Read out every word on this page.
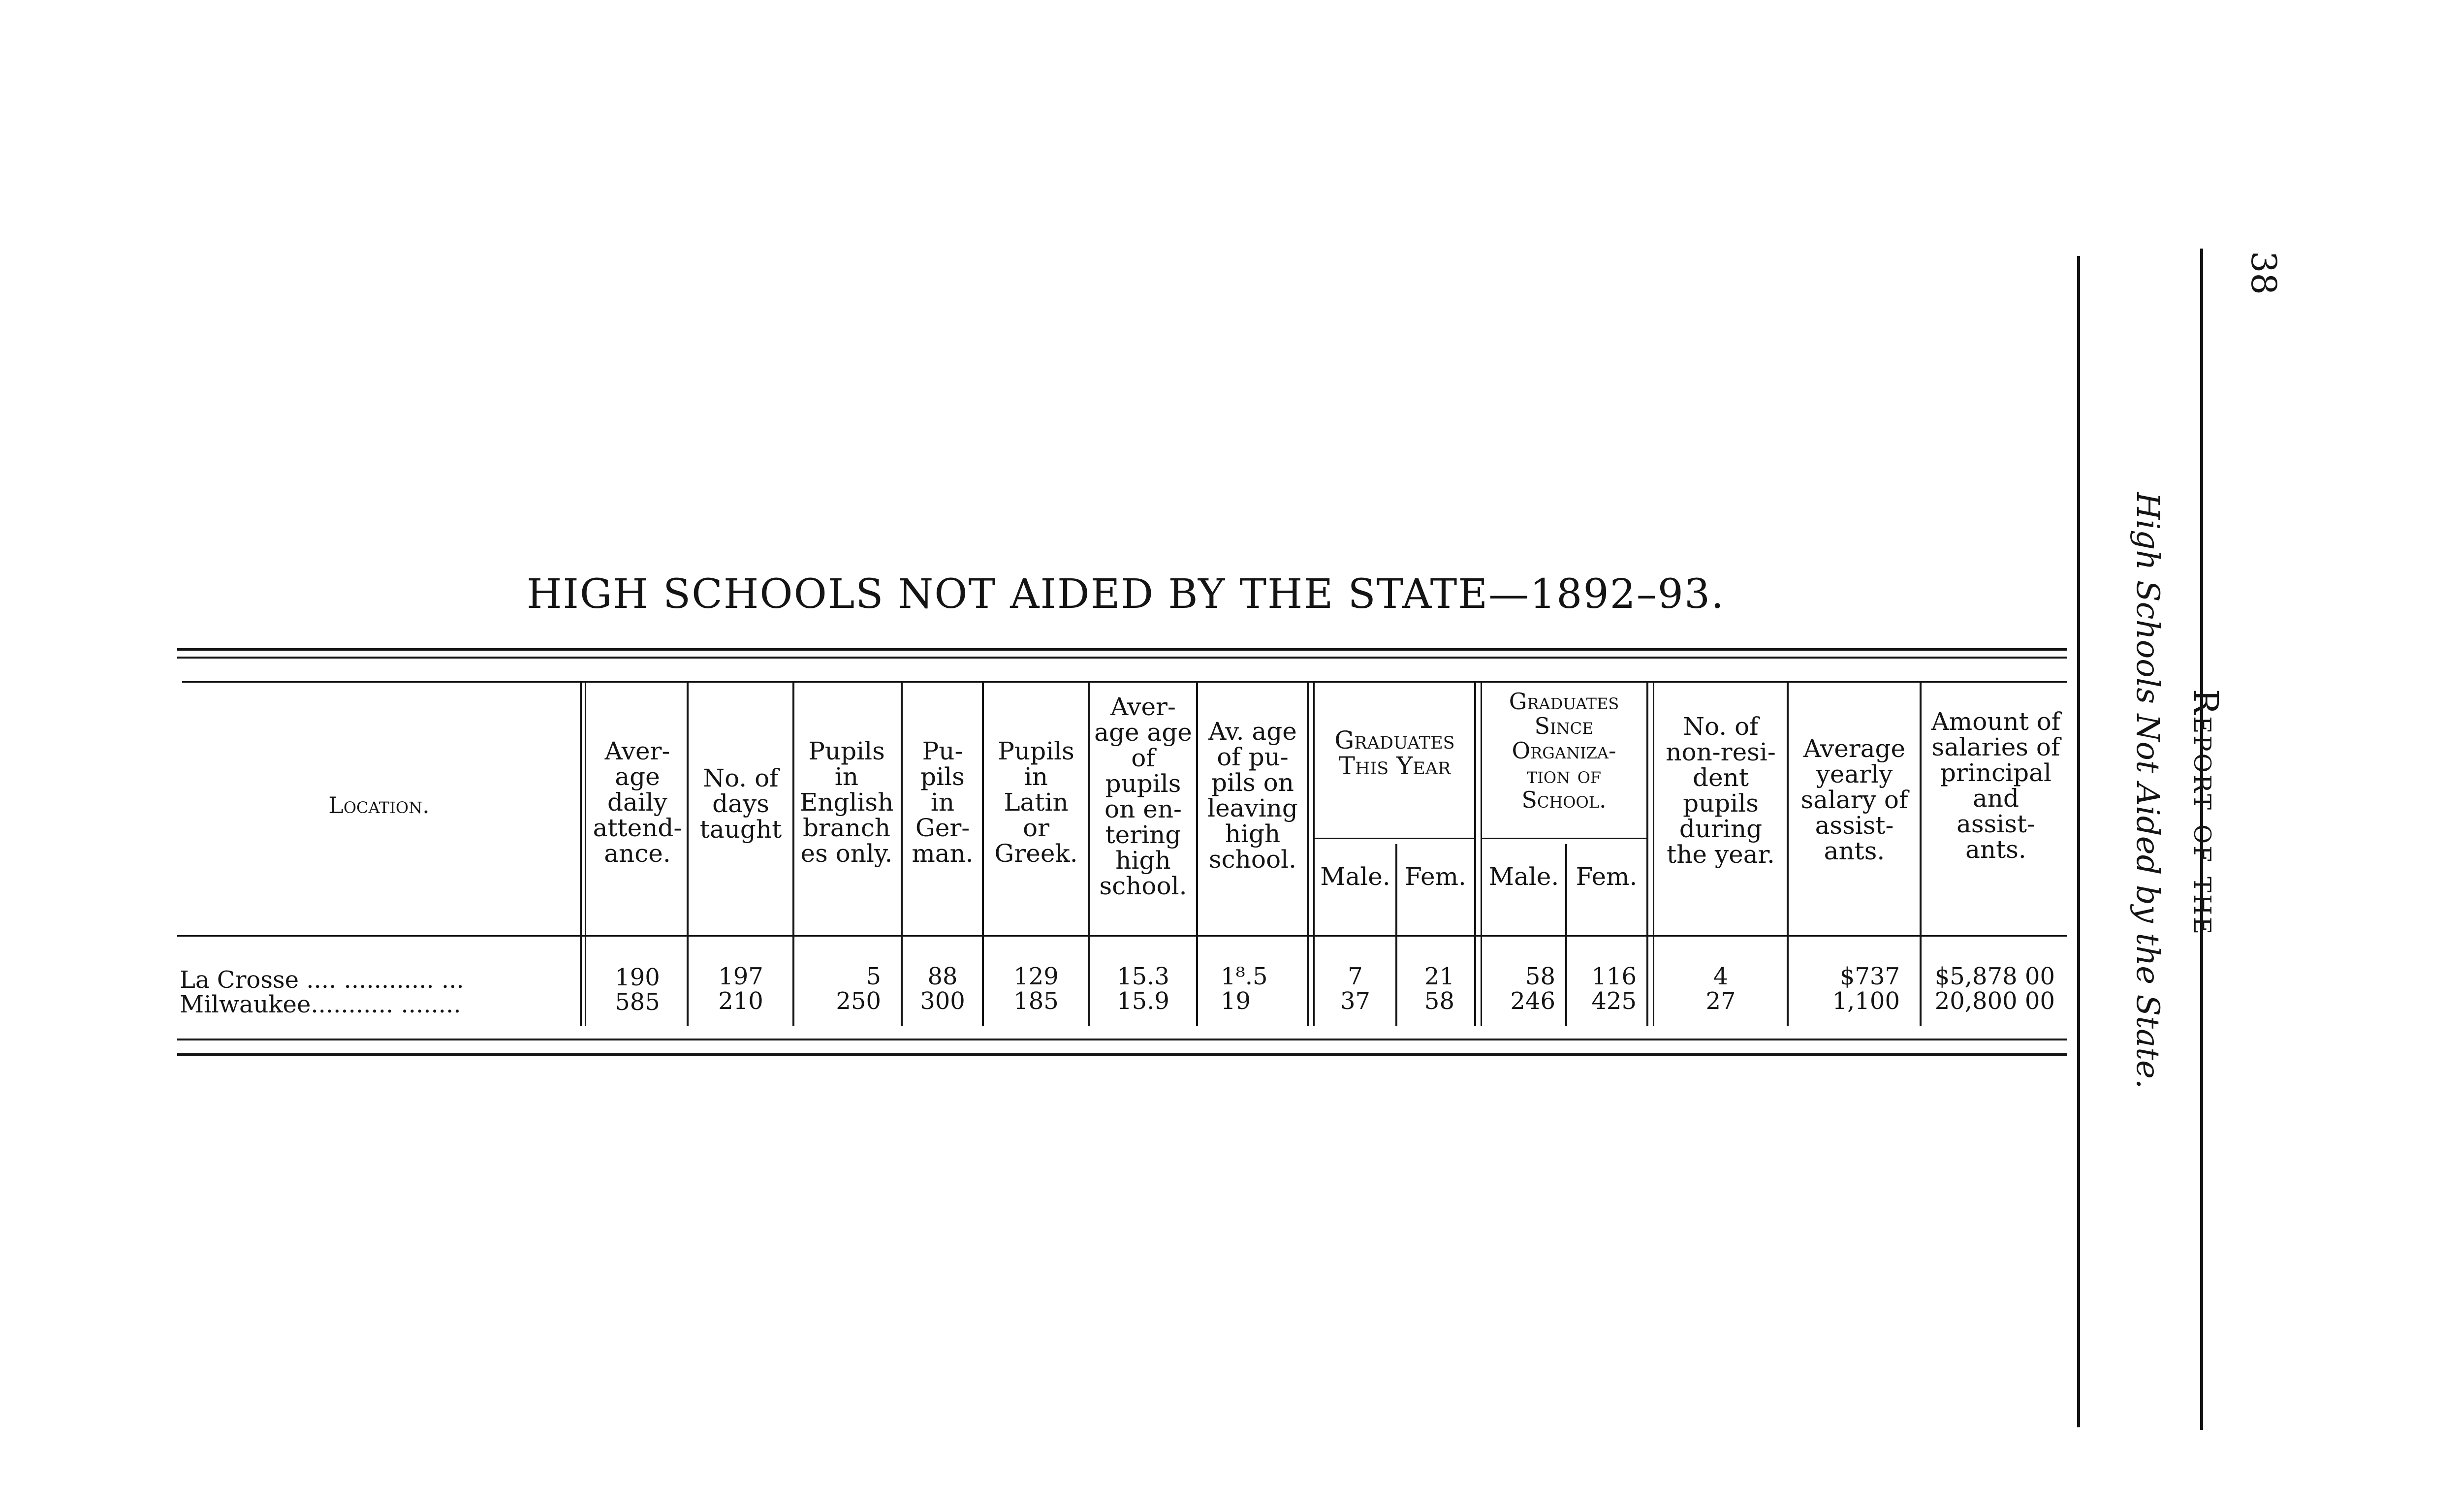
HIGH SCHOOLS NOT AIDED BY THE STATE—1892–93.
Location.
Aver-
age
daily
attend-
ance.
No. of
days
taught
Pupils
in
English
branch
es only.
Pu-
pils
in
Ger-
man.
Pupils
in
Latin
or
Greek.
Aver-
age age
of
pupils
on en-
tering
high
school.
Av. age
of pu-
pils on
leaving
high
school.
Graduates
This Year
Graduates
Since
Organiza-
tion of
School.
Male. Fem. Male. Fem.
No. of
non-resi-
dent
pupils
during
the year.
Average
yearly
salary of
assist-
ants.
Amount of
salaries of
principal
and
assist-
ants.
La Crosse .... ............ ...	190	197	5	88	129	15.3	1⁸.5	7	21	58	116	4	$737	$5,878 00
Milwaukee........... ........	585	210	250	300	185	15.9	19	37	58	246	425	27	1,100	20,800 00
38
Report of the
High Schools Not Aided by the State.
